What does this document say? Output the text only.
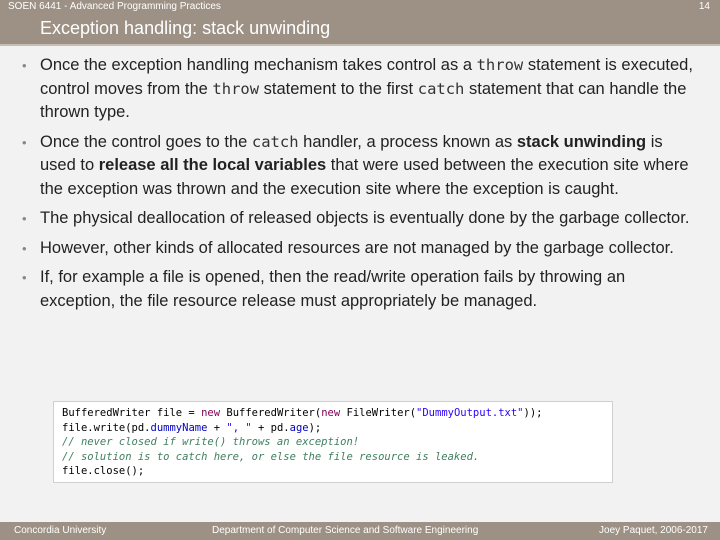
SOEN 6441 - Advanced Programming Practices	14
Exception handling: stack unwinding
• Once the exception handling mechanism takes control as a throw statement is executed, control moves from the throw statement to the first catch statement that can handle the thrown type.
• Once the control goes to the catch handler, a process known as stack unwinding is used to release all the local variables that were used between the execution site where the exception was thrown and the execution site where the exception is caught.
• The physical deallocation of released objects is eventually done by the garbage collector.
• However, other kinds of allocated resources are not managed by the garbage collector.
• If, for example a file is opened, then the read/write operation fails by throwing an exception, the file resource release must appropriately be managed.
BufferedWriter file = new BufferedWriter(new FileWriter("DummyOutput.txt"));
file.write(pd.dummyName + ", " + pd.age);
// never closed if write() throws an exception!
// solution is to catch here, or else the file resource is leaked.
file.close();
Concordia University	Department of Computer Science and Software Engineering	Joey Paquet, 2006-2017
